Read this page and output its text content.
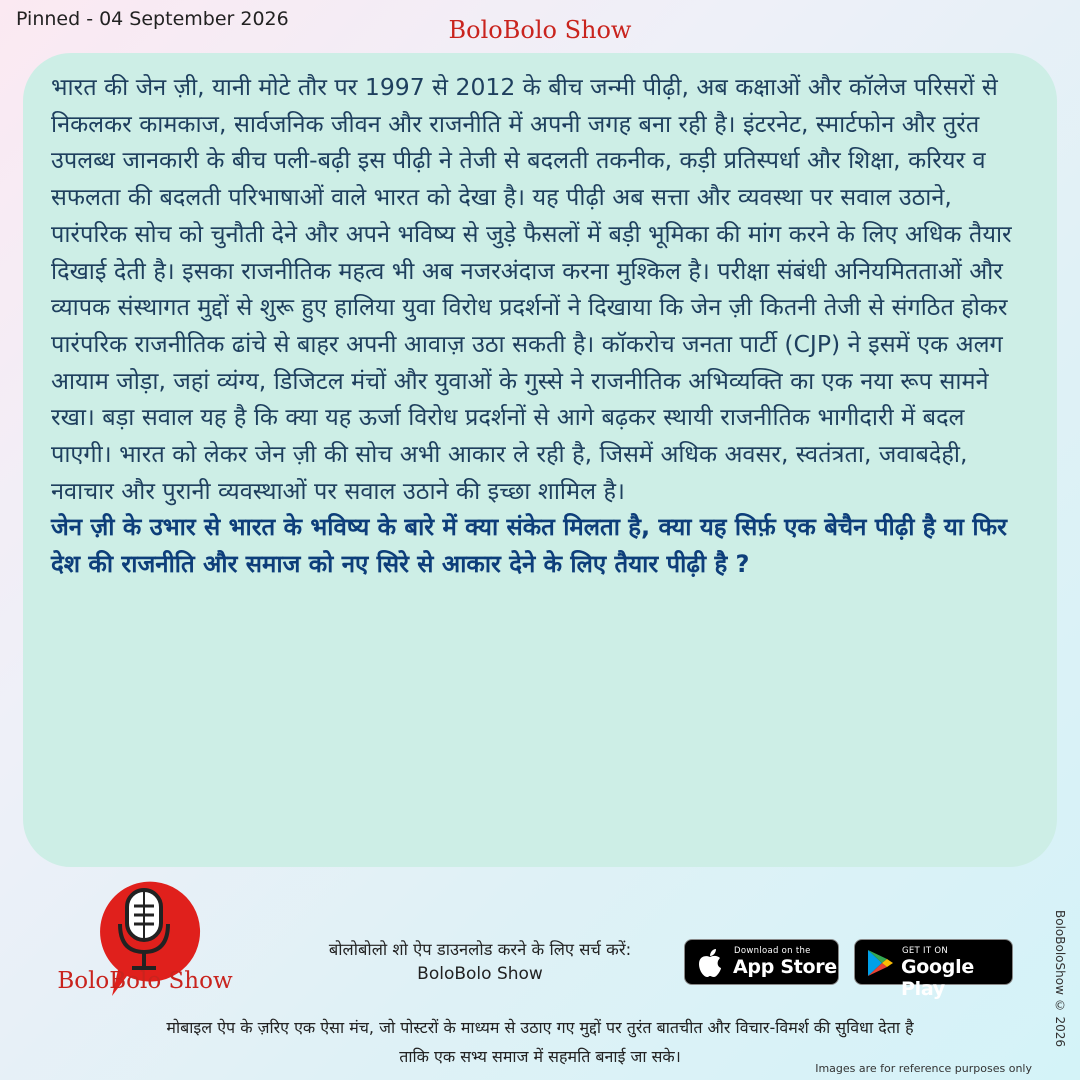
Pinned - 04 September 2026	BoloBolo Show

भारत की जेन ज़ी, यानी मोटे तौर पर 1997 से 2012 के बीच जन्मी पीढ़ी, अब कक्षाओं और कॉलेज परिसरों से निकलकर कामकाज, सार्वजनिक जीवन और राजनीति में अपनी जगह बना रही है। इंटरनेट, स्मार्टफोन और तुरंत उपलब्ध जानकारी के बीच पली-बढ़ी इस पीढ़ी ने तेजी से बदलती तकनीक, कड़ी प्रतिस्पर्धा और शिक्षा, करियर व सफलता की बदलती परिभाषाओं वाले भारत को देखा है। यह पीढ़ी अब सत्ता और व्यवस्था पर सवाल उठाने, पारंपरिक सोच को चुनौती देने और अपने भविष्य से जुड़े फैसलों में बड़ी भूमिका की मांग करने के लिए अधिक तैयार दिखाई देती है। इसका राजनीतिक महत्व भी अब नजरअंदाज करना मुश्किल है। परीक्षा संबंधी अनियमितताओं और व्यापक संस्थागत मुद्दों से शुरू हुए हालिया युवा विरोध प्रदर्शनों ने दिखाया कि जेन ज़ी कितनी तेजी से संगठित होकर पारंपरिक राजनीतिक ढांचे से बाहर अपनी आवाज़ उठा सकती है। कॉकरोच जनता पार्टी (CJP) ने इसमें एक अलग आयाम जोड़ा, जहां व्यंग्य, डिजिटल मंचों और युवाओं के गुस्से ने राजनीतिक अभिव्यक्ति का एक नया रूप सामने रखा। बड़ा सवाल यह है कि क्या यह ऊर्जा विरोध प्रदर्शनों से आगे बढ़कर स्थायी राजनीतिक भागीदारी में बदल पाएगी। भारत को लेकर जेन ज़ी की सोच अभी आकार ले रही है, जिसमें अधिक अवसर, स्वतंत्रता, जवाबदेही, नवाचार और पुरानी व्यवस्थाओं पर सवाल उठाने की इच्छा शामिल है।

जेन ज़ी के उभार से भारत के भविष्य के बारे में क्या संकेत मिलता है, क्या यह सिर्फ़ एक बेचैन पीढ़ी है या फिर देश की राजनीति और समाज को नए सिरे से आकार देने के लिए तैयार पीढ़ी है ?

BoloBolo Show
बोलोबोलो शो ऐप डाउनलोड करने के लिए सर्च करें:
BoloBolo Show
Download on the
App Store
GET IT ON
Google Play
मोबाइल ऐप के ज़रिए एक ऐसा मंच, जो पोस्टरों के माध्यम से उठाए गए मुद्दों पर तुरंत बातचीत और विचार-विमर्श की सुविधा देता है
ताकि एक सभ्य समाज में सहमति बनाई जा सके।
Images are for reference purposes only
BoloBoloShow © 2026
